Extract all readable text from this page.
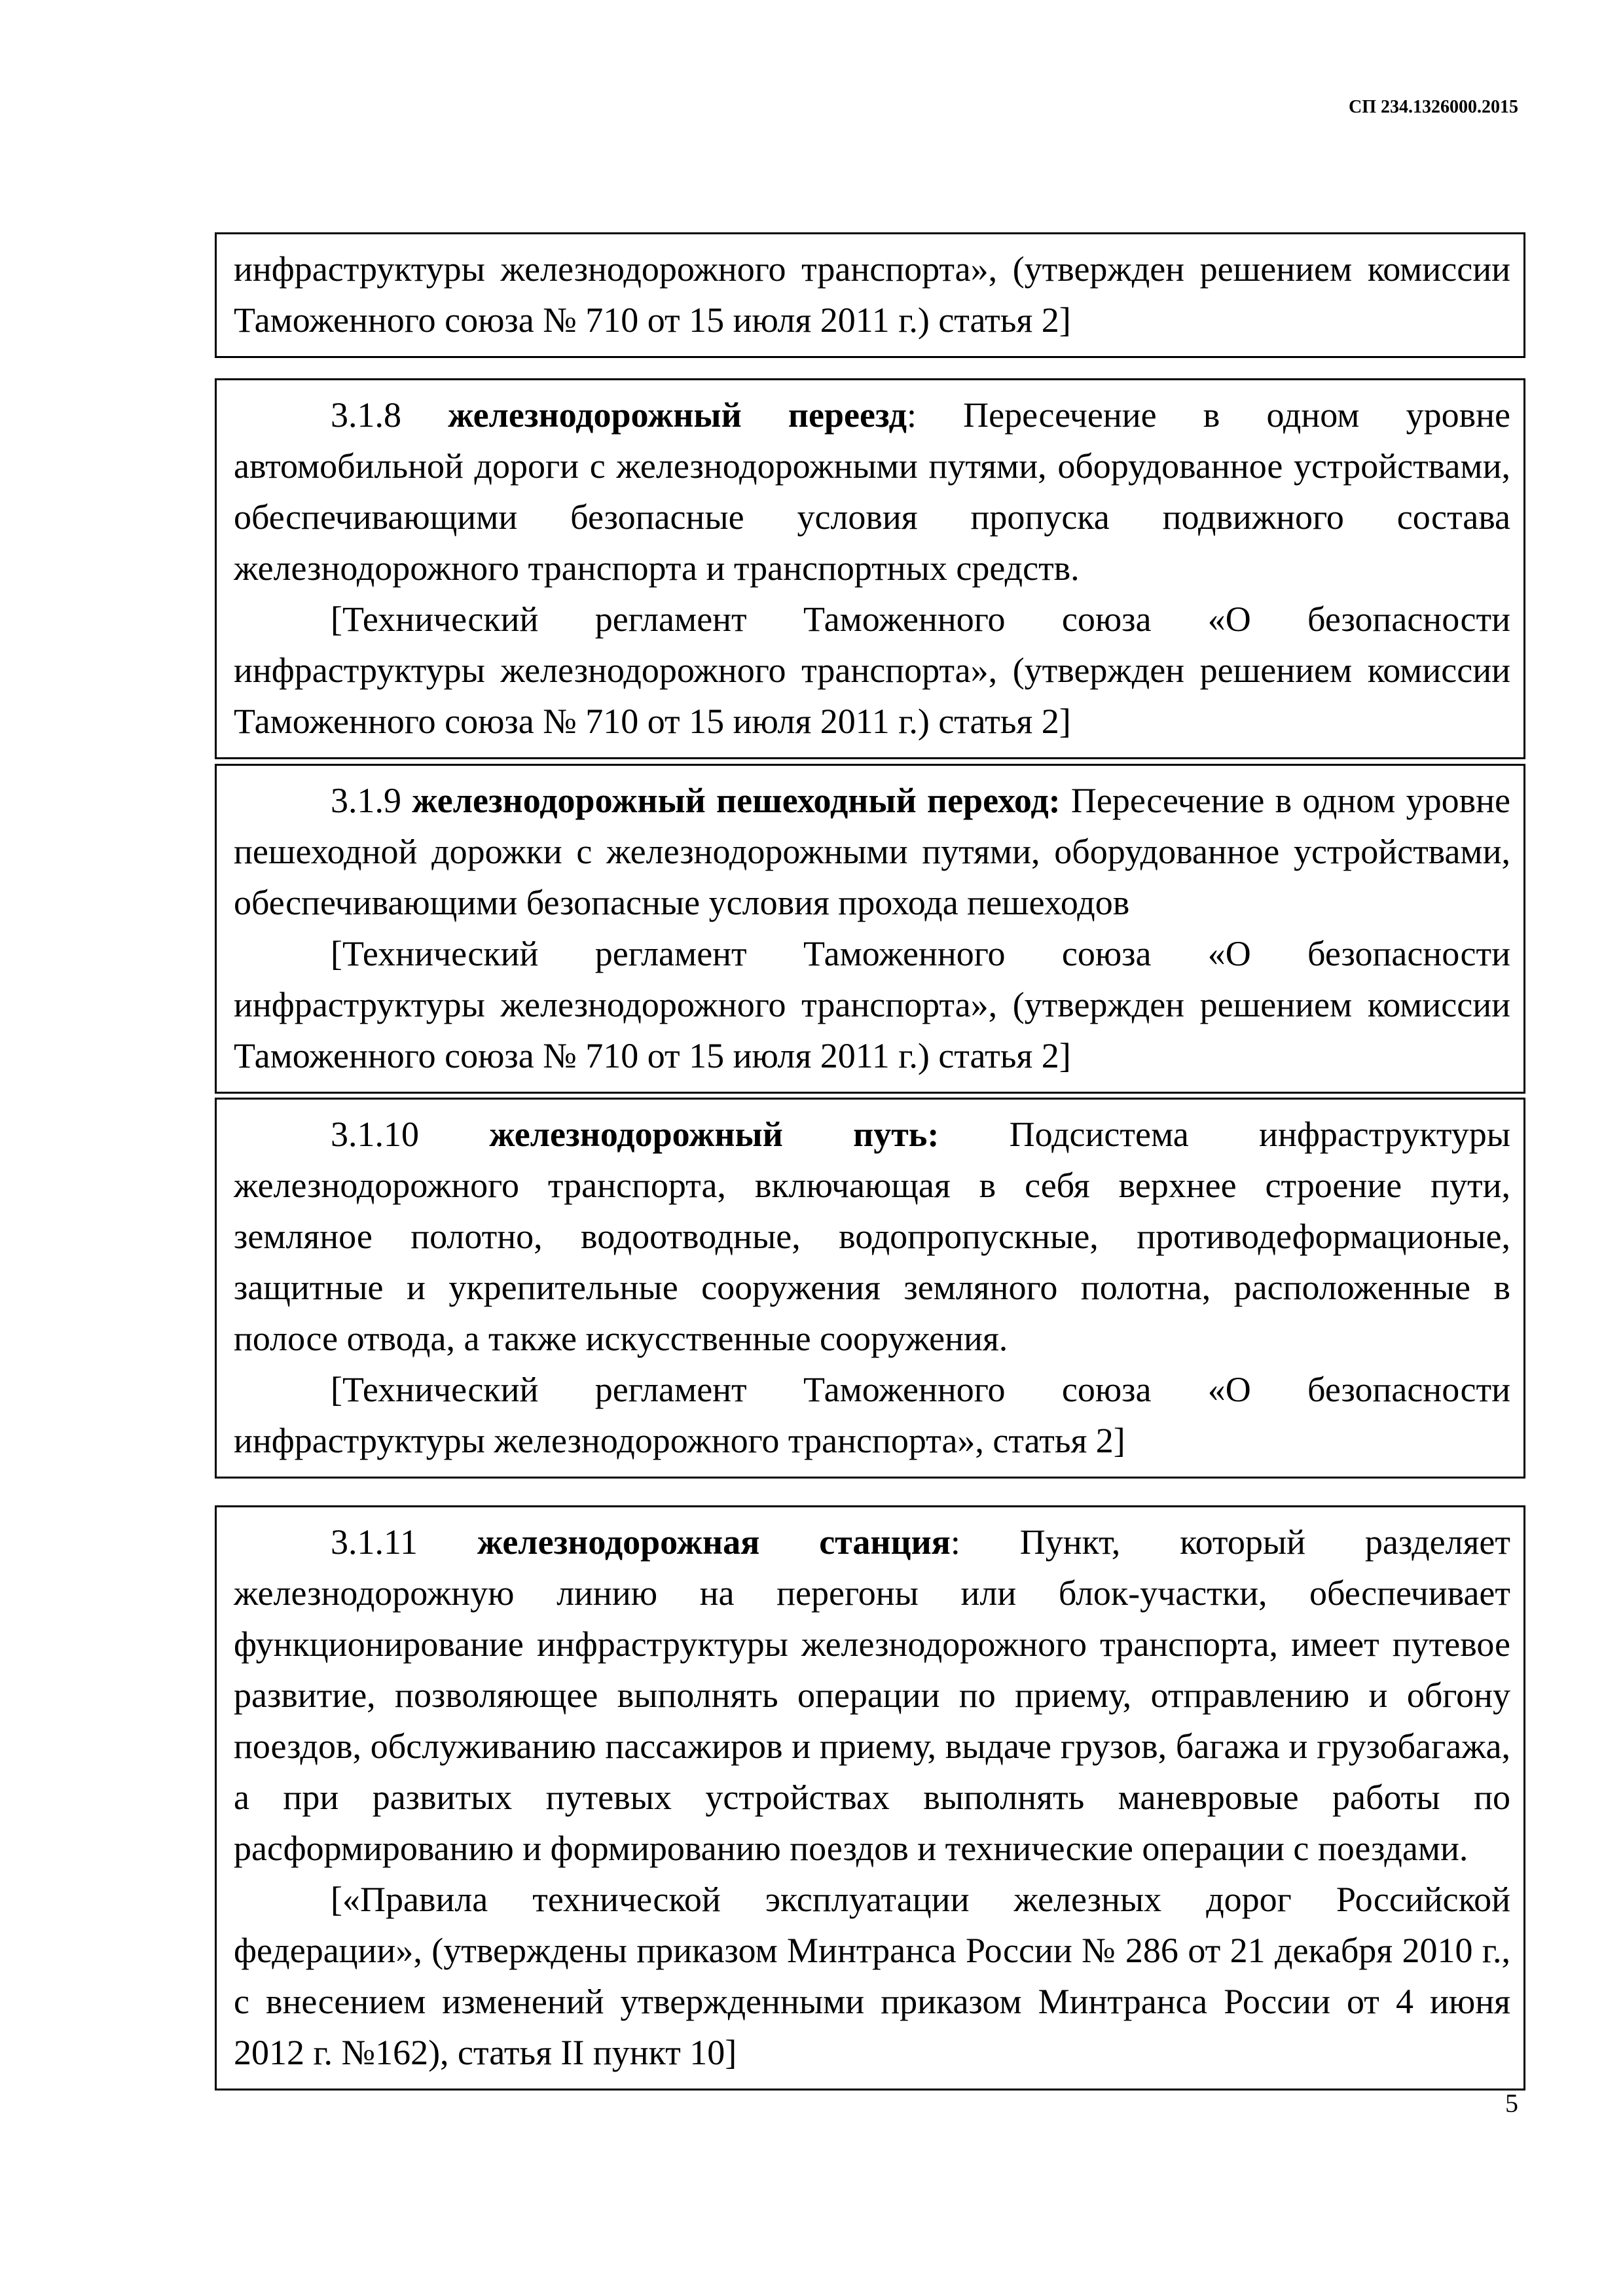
СП 234.1326000.2015

инфраструктуры железнодорожного транспорта», (утвержден решением комиссии Таможенного союза № 710 от 15 июля 2011 г.) статья 2]

3.1.8 железнодорожный переезд: Пересечение в одном уровне автомобильной дороги с железнодорожными путями, оборудованное устройствами, обеспечивающими безопасные условия пропуска подвижного состава железнодорожного транспорта и транспортных средств.

[Технический регламент Таможенного союза «О безопасности инфраструктуры железнодорожного транспорта», (утвержден решением комиссии Таможенного союза № 710 от 15 июля 2011 г.) статья 2]

3.1.9 железнодорожный пешеходный переход: Пересечение в одном уровне пешеходной дорожки с железнодорожными путями, оборудованное устройствами, обеспечивающими безопасные условия прохода пешеходов

[Технический регламент Таможенного союза «О безопасности инфраструктуры железнодорожного транспорта», (утвержден решением комиссии Таможенного союза № 710 от 15 июля 2011 г.) статья 2]

3.1.10 железнодорожный путь: Подсистема инфраструктуры железнодорожного транспорта, включающая в себя верхнее строение пути, земляное полотно, водоотводные, водопропускные, противодеформационые, защитные и укрепительные сооружения земляного полотна, расположенные в полосе отвода, а также искусственные сооружения.

[Технический регламент Таможенного союза «О безопасности инфраструктуры железнодорожного транспорта», статья 2]

3.1.11 железнодорожная станция: Пункт, который разделяет железнодорожную линию на перегоны или блок-участки, обеспечивает функционирование инфраструктуры железнодорожного транспорта, имеет путевое развитие, позволяющее выполнять операции по приему, отправлению и обгону поездов, обслуживанию пассажиров и приему, выдаче грузов, багажа и грузобагажа, а при развитых путевых устройствах выполнять маневровые работы по расформированию и формированию поездов и технические операции с поездами.

[«Правила технической эксплуатации железных дорог Российской федерации», (утверждены приказом Минтранса России № 286 от 21 декабря 2010 г., с внесением изменений утвержденными приказом Минтранса России от 4 июня 2012 г. №162), статья II пункт 10]

5
